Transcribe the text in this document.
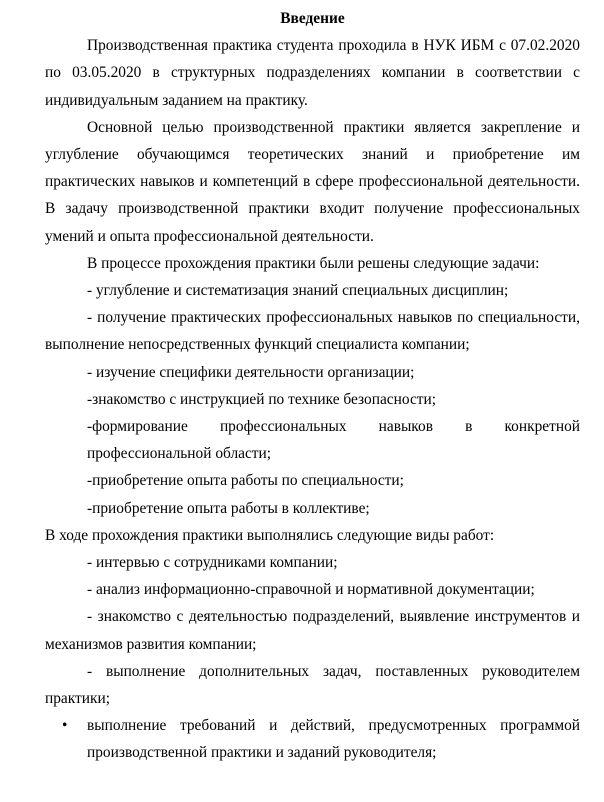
Введение

Производственная практика студента проходила в НУК ИБМ с 07.02.2020 по 03.05.2020 в структурных подразделениях компании в соответствии с индивидуальным заданием на практику.

Основной целью производственной практики является закрепление и углубление обучающимся теоретических знаний и приобретение им практических навыков и компетенций в сфере профессиональной деятельности. В задачу производственной практики входит получение профессиональных умений и опыта профессиональной деятельности.

В процессе прохождения практики были решены следующие задачи:

- углубление и систематизация знаний специальных дисциплин;

- получение практических профессиональных навыков по специальности, выполнение непосредственных функций специалиста компании;

- изучение специфики деятельности организации;

-знакомство с инструкцией по технике безопасности;

-формирование профессиональных навыков в конкретной профессиональной области;

-приобретение опыта работы по специальности;

-приобретение опыта работы в коллективе;

В ходе прохождения практики выполнялись следующие виды работ:

- интервью с сотрудниками компании;

- анализ информационно-справочной и нормативной документации;

- знакомство с деятельностью подразделений, выявление инструментов и механизмов развития компании;

- выполнение дополнительных задач, поставленных руководителем практики;

• выполнение требований и действий, предусмотренных программой производственной практики и заданий руководителя;
